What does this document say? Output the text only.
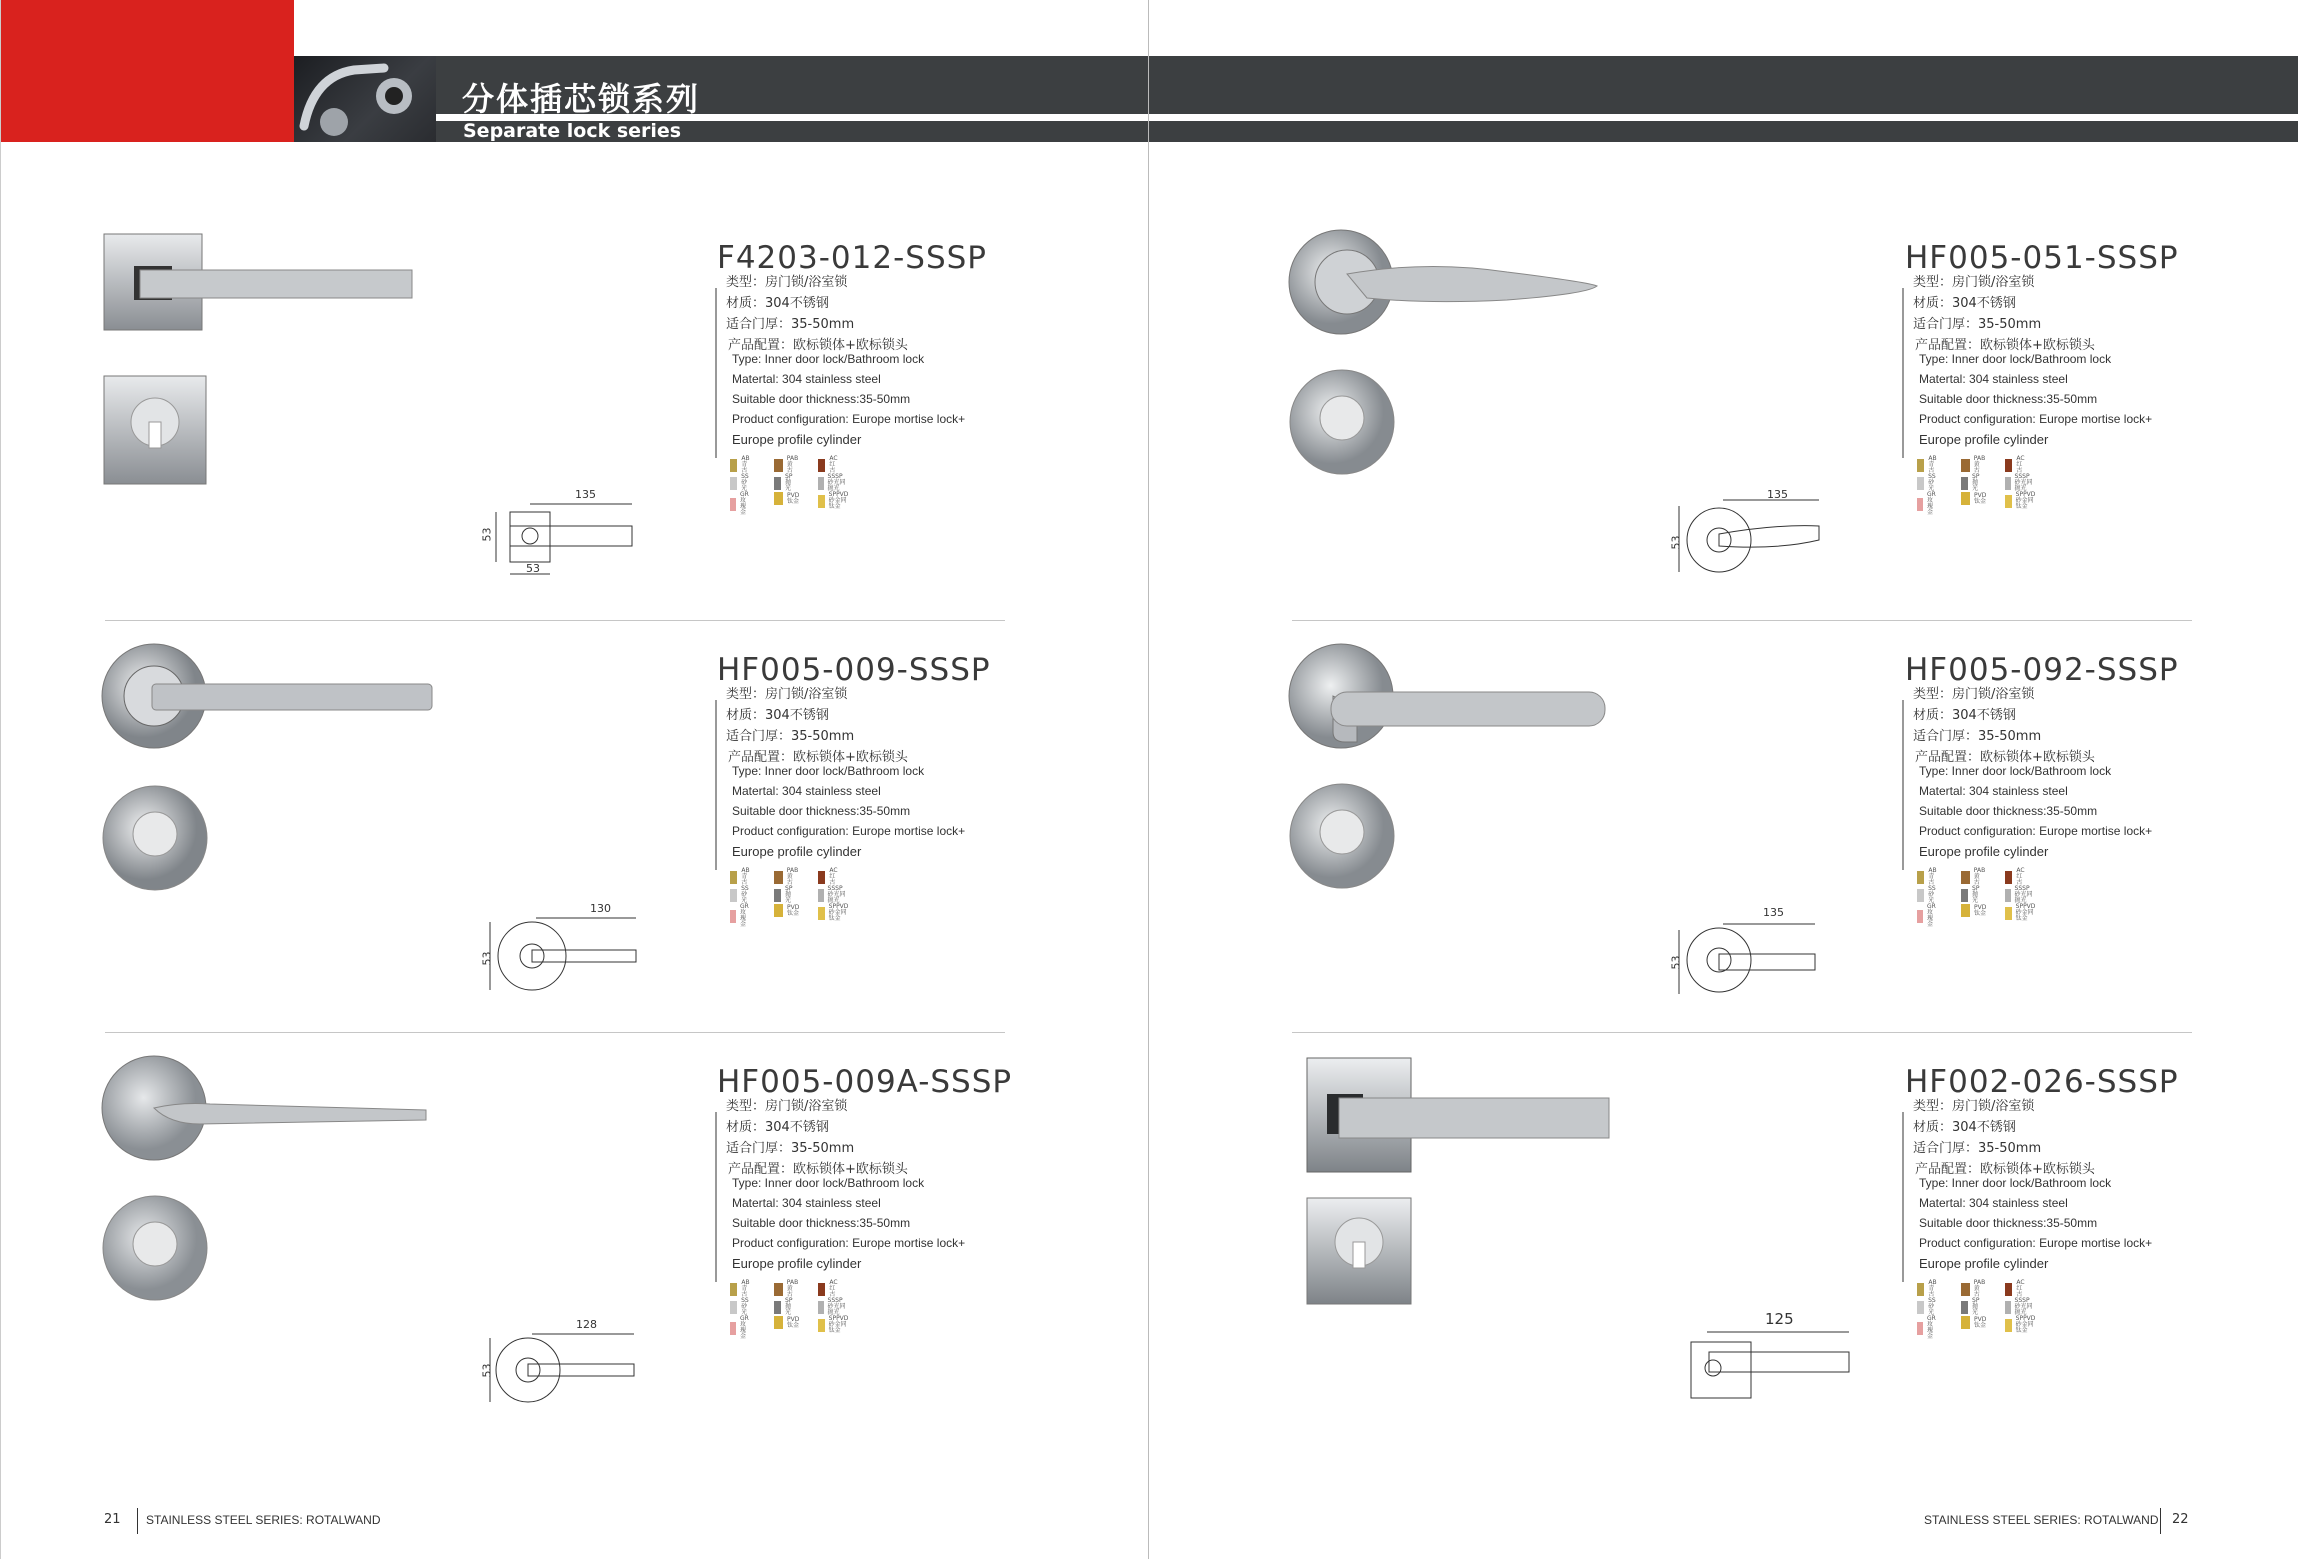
分体插芯锁系列
Separate lock series
135
53
53
F4203-012-SSSP
类型：房门锁/浴室锁
材质：304不锈钢
适合门厚：35-50mm
产品配置：欧标锁体+欧标锁头
Type: Inner door lock/Bathroom lock
Matertal: 304 stainless steel
Suitable door thickness:35-50mm
Product configuration: Europe mortise lock+
Europe profile cylinder
AB
青古
PAB
黄古
AC
红古
SS
砂光
SP
抛光
SSSP
砂光同抛光
GR
玫瑰金
PVD
钛金
SPPVD
砂金同钛金
130
53
HF005-009-SSSP
类型：房门锁/浴室锁
材质：304不锈钢
适合门厚：35-50mm
产品配置：欧标锁体+欧标锁头
Type: Inner door lock/Bathroom lock
Matertal: 304 stainless steel
Suitable door thickness:35-50mm
Product configuration: Europe mortise lock+
Europe profile cylinder
AB
青古
PAB
黄古
AC
红古
SS
砂光
SP
抛光
SSSP
砂光同抛光
GR
玫瑰金
PVD
钛金
SPPVD
砂金同钛金
128
53
HF005-009A-SSSP
类型：房门锁/浴室锁
材质：304不锈钢
适合门厚：35-50mm
产品配置：欧标锁体+欧标锁头
Type: Inner door lock/Bathroom lock
Matertal: 304 stainless steel
Suitable door thickness:35-50mm
Product configuration: Europe mortise lock+
Europe profile cylinder
AB
青古
PAB
黄古
AC
红古
SS
砂光
SP
抛光
SSSP
砂光同抛光
GR
玫瑰金
PVD
钛金
SPPVD
砂金同钛金
135
53
HF005-051-SSSP
类型：房门锁/浴室锁
材质：304不锈钢
适合门厚：35-50mm
产品配置：欧标锁体+欧标锁头
Type: Inner door lock/Bathroom lock
Matertal: 304 stainless steel
Suitable door thickness:35-50mm
Product configuration: Europe mortise lock+
Europe profile cylinder
AB
青古
PAB
黄古
AC
红古
SS
砂光
SP
抛光
SSSP
砂光同抛光
GR
玫瑰金
PVD
钛金
SPPVD
砂金同钛金
135
53
HF005-092-SSSP
类型：房门锁/浴室锁
材质：304不锈钢
适合门厚：35-50mm
产品配置：欧标锁体+欧标锁头
Type: Inner door lock/Bathroom lock
Matertal: 304 stainless steel
Suitable door thickness:35-50mm
Product configuration: Europe mortise lock+
Europe profile cylinder
AB
青古
PAB
黄古
AC
红古
SS
砂光
SP
抛光
SSSP
砂光同抛光
GR
玫瑰金
PVD
钛金
SPPVD
砂金同钛金
125
HF002-026-SSSP
类型：房门锁/浴室锁
材质：304不锈钢
适合门厚：35-50mm
产品配置：欧标锁体+欧标锁头
Type: Inner door lock/Bathroom lock
Matertal: 304 stainless steel
Suitable door thickness:35-50mm
Product configuration: Europe mortise lock+
Europe profile cylinder
AB
青古
PAB
黄古
AC
红古
SS
砂光
SP
抛光
SSSP
砂光同抛光
GR
玫瑰金
PVD
钛金
SPPVD
砂金同钛金
21 STAINLESS STEEL SERIES: ROTALWAND	STAINLESS STEEL SERIES: ROTALWAND 22
